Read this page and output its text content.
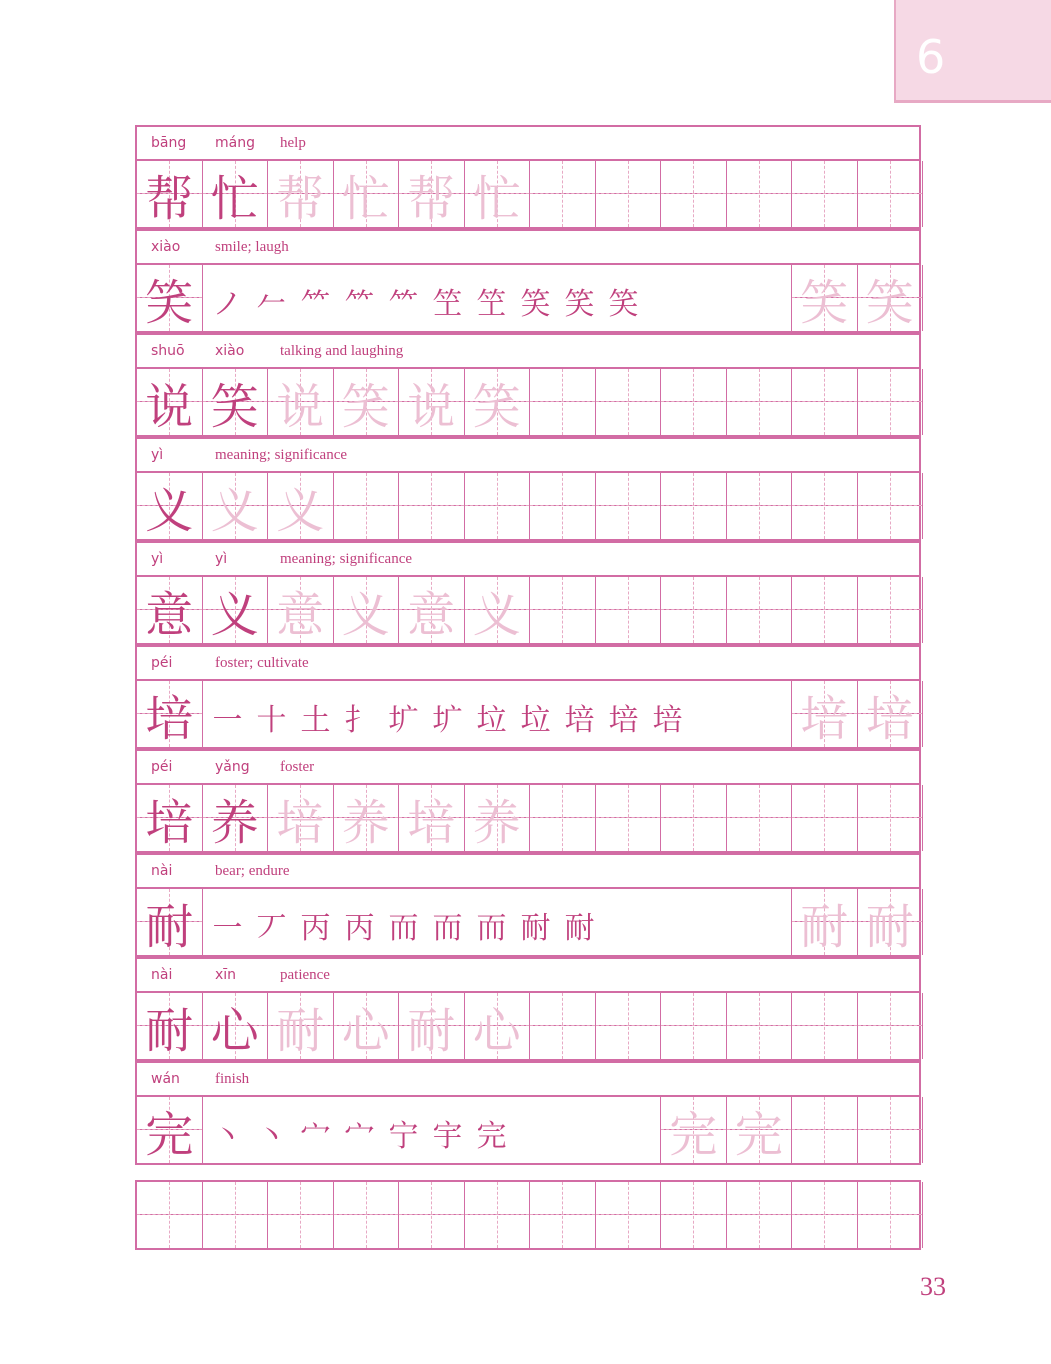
6
bāng máng help
帮 忙 帮 忙 帮 忙
xiào smile; laugh
笑 ノ 𠂉 ⺮ ⺮ ⺮ 笁 笁 笑 笑 笑	笑 笑
shuō xiào talking and laughing
说 笑 说 笑 说 笑
yì	meaning; significance
义 义 义
yì	yì	meaning; significance
意 义 意 义 意 义
péi	foster; cultivate
培 一 十 土 扌 圹 圹 垃 垃 培 培 培 培 培
péi	yǎng foster
培 养 培 养 培 养
nài	bear; endure
耐 一 丆 丙 丙 而 而 而 耐 耐	耐 耐
nài	xīn	patience
耐 心 耐 心 耐 心
wán finish
完 丶 丶 宀 宀 宁 宇 完	完 完
33
